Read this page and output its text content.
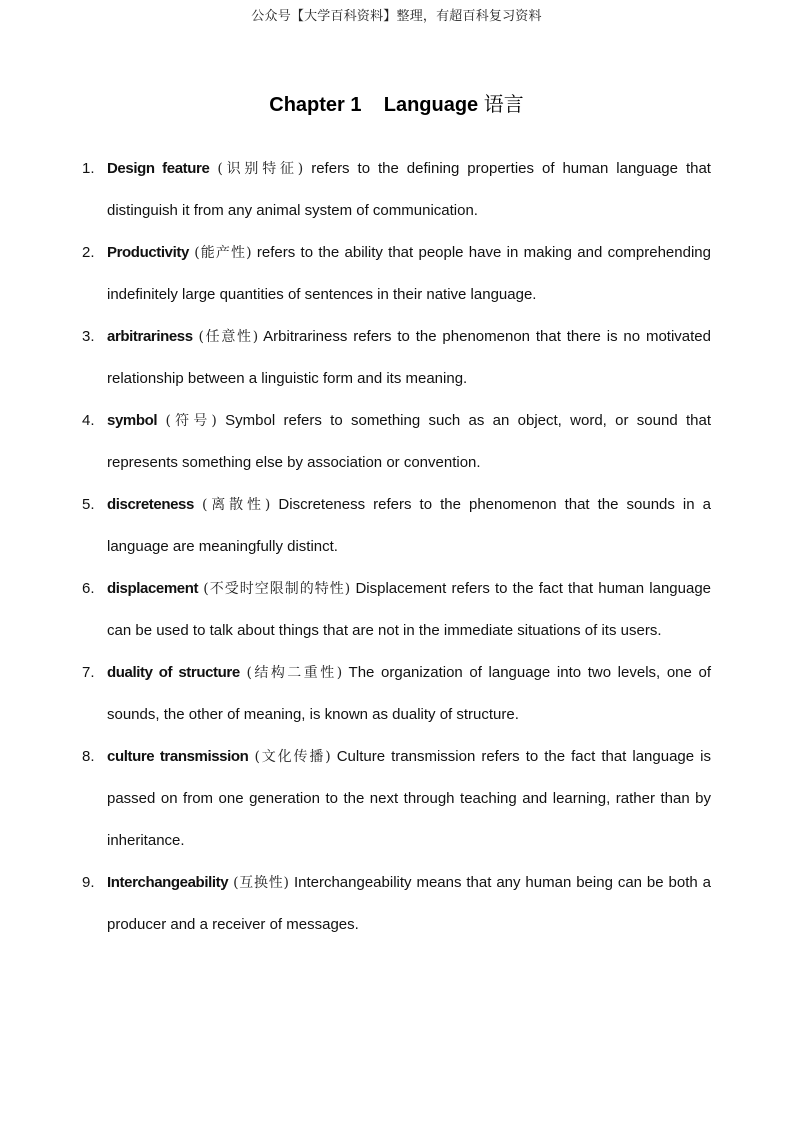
公众号【大学百科资料】整理，有超百科复习资料
Chapter 1    Language 语言
1. Design feature (识别特征) refers to the defining properties of human language that distinguish it from any animal system of communication.
2. Productivity (能产性) refers to the ability that people have in making and comprehending indefinitely large quantities of sentences in their native language.
3. arbitrariness (任意性) Arbitrariness refers to the phenomenon that there is no motivated relationship between a linguistic form and its meaning.
4. symbol (符号) Symbol refers to something such as an object, word, or sound that represents something else by association or convention.
5. discreteness (离散性) Discreteness refers to the phenomenon that the sounds in a language are meaningfully distinct.
6. displacement (不受时空限制的特性) Displacement refers to the fact that human language can be used to talk about things that are not in the immediate situations of its users.
7. duality of structure (结构二重性) The organization of language into two levels, one of sounds, the other of meaning, is known as duality of structure.
8. culture transmission (文化传播) Culture transmission refers to the fact that language is passed on from one generation to the next through teaching and learning, rather than by inheritance.
9. Interchangeability (互换性) Interchangeability means that any human being can be both a producer and a receiver of messages.
